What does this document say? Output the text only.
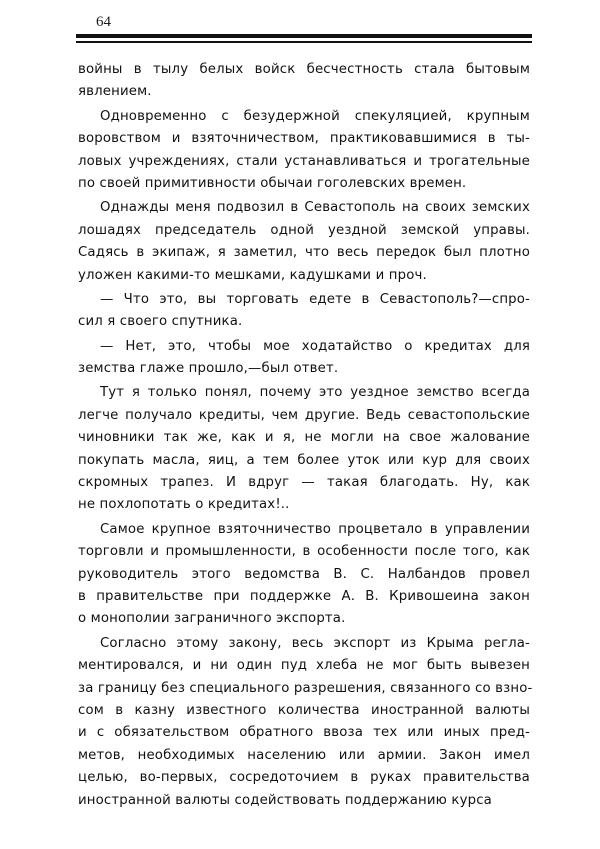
64
войны в тылу белых войск бесчестность стала бытовым
явлением.
Одновременно с безудержной спекуляцией, крупным
воровством и взяточничеством, практиковавшимися в ты-
ловых учреждениях, стали устанавливаться и трогательные
по своей примитивности обычаи гоголевских времен.
Однажды меня подвозил в Севастополь на своих земских
лошадях председатель одной уездной земской управы.
Садясь в экипаж, я заметил, что весь передок был плотно
уложен какими-то мешками, кадушками и проч.
— Что это, вы торговать едете в Севастополь?—спро-
сил я своего спутника.
— Нет, это, чтобы мое ходатайство о кредитах для
земства глаже прошло,—был ответ.
Тут я только понял, почему это уездное земство всегда
легче получало кредиты, чем другие. Ведь севастопольские
чиновники так же, как и я, не могли на свое жалование
покупать масла, яиц, а тем более уток или кур для своих
скромных трапез. И вдруг — такая благодать. Ну, как
не похлопотать о кредитах!..
Самое крупное взяточничество процветало в управлении
торговли и промышленности, в особенности после того, как
руководитель этого ведомства В. С. Налбандов провел
в правительстве при поддержке А. В. Кривошеина закон
о монополии заграничного экспорта.
Согласно этому закону, весь экспорт из Крыма регла-
ментировался, и ни один пуд хлеба не мог быть вывезен
за границу без специального разрешения, связанного со взно-
сом в казну известного количества иностранной валюты
и с обязательством обратного ввоза тех или иных пред-
метов, необходимых населению или армии. Закон имел
целью, во-первых, сосредоточием в руках правительства
иностранной валюты содействовать поддержанию курса
